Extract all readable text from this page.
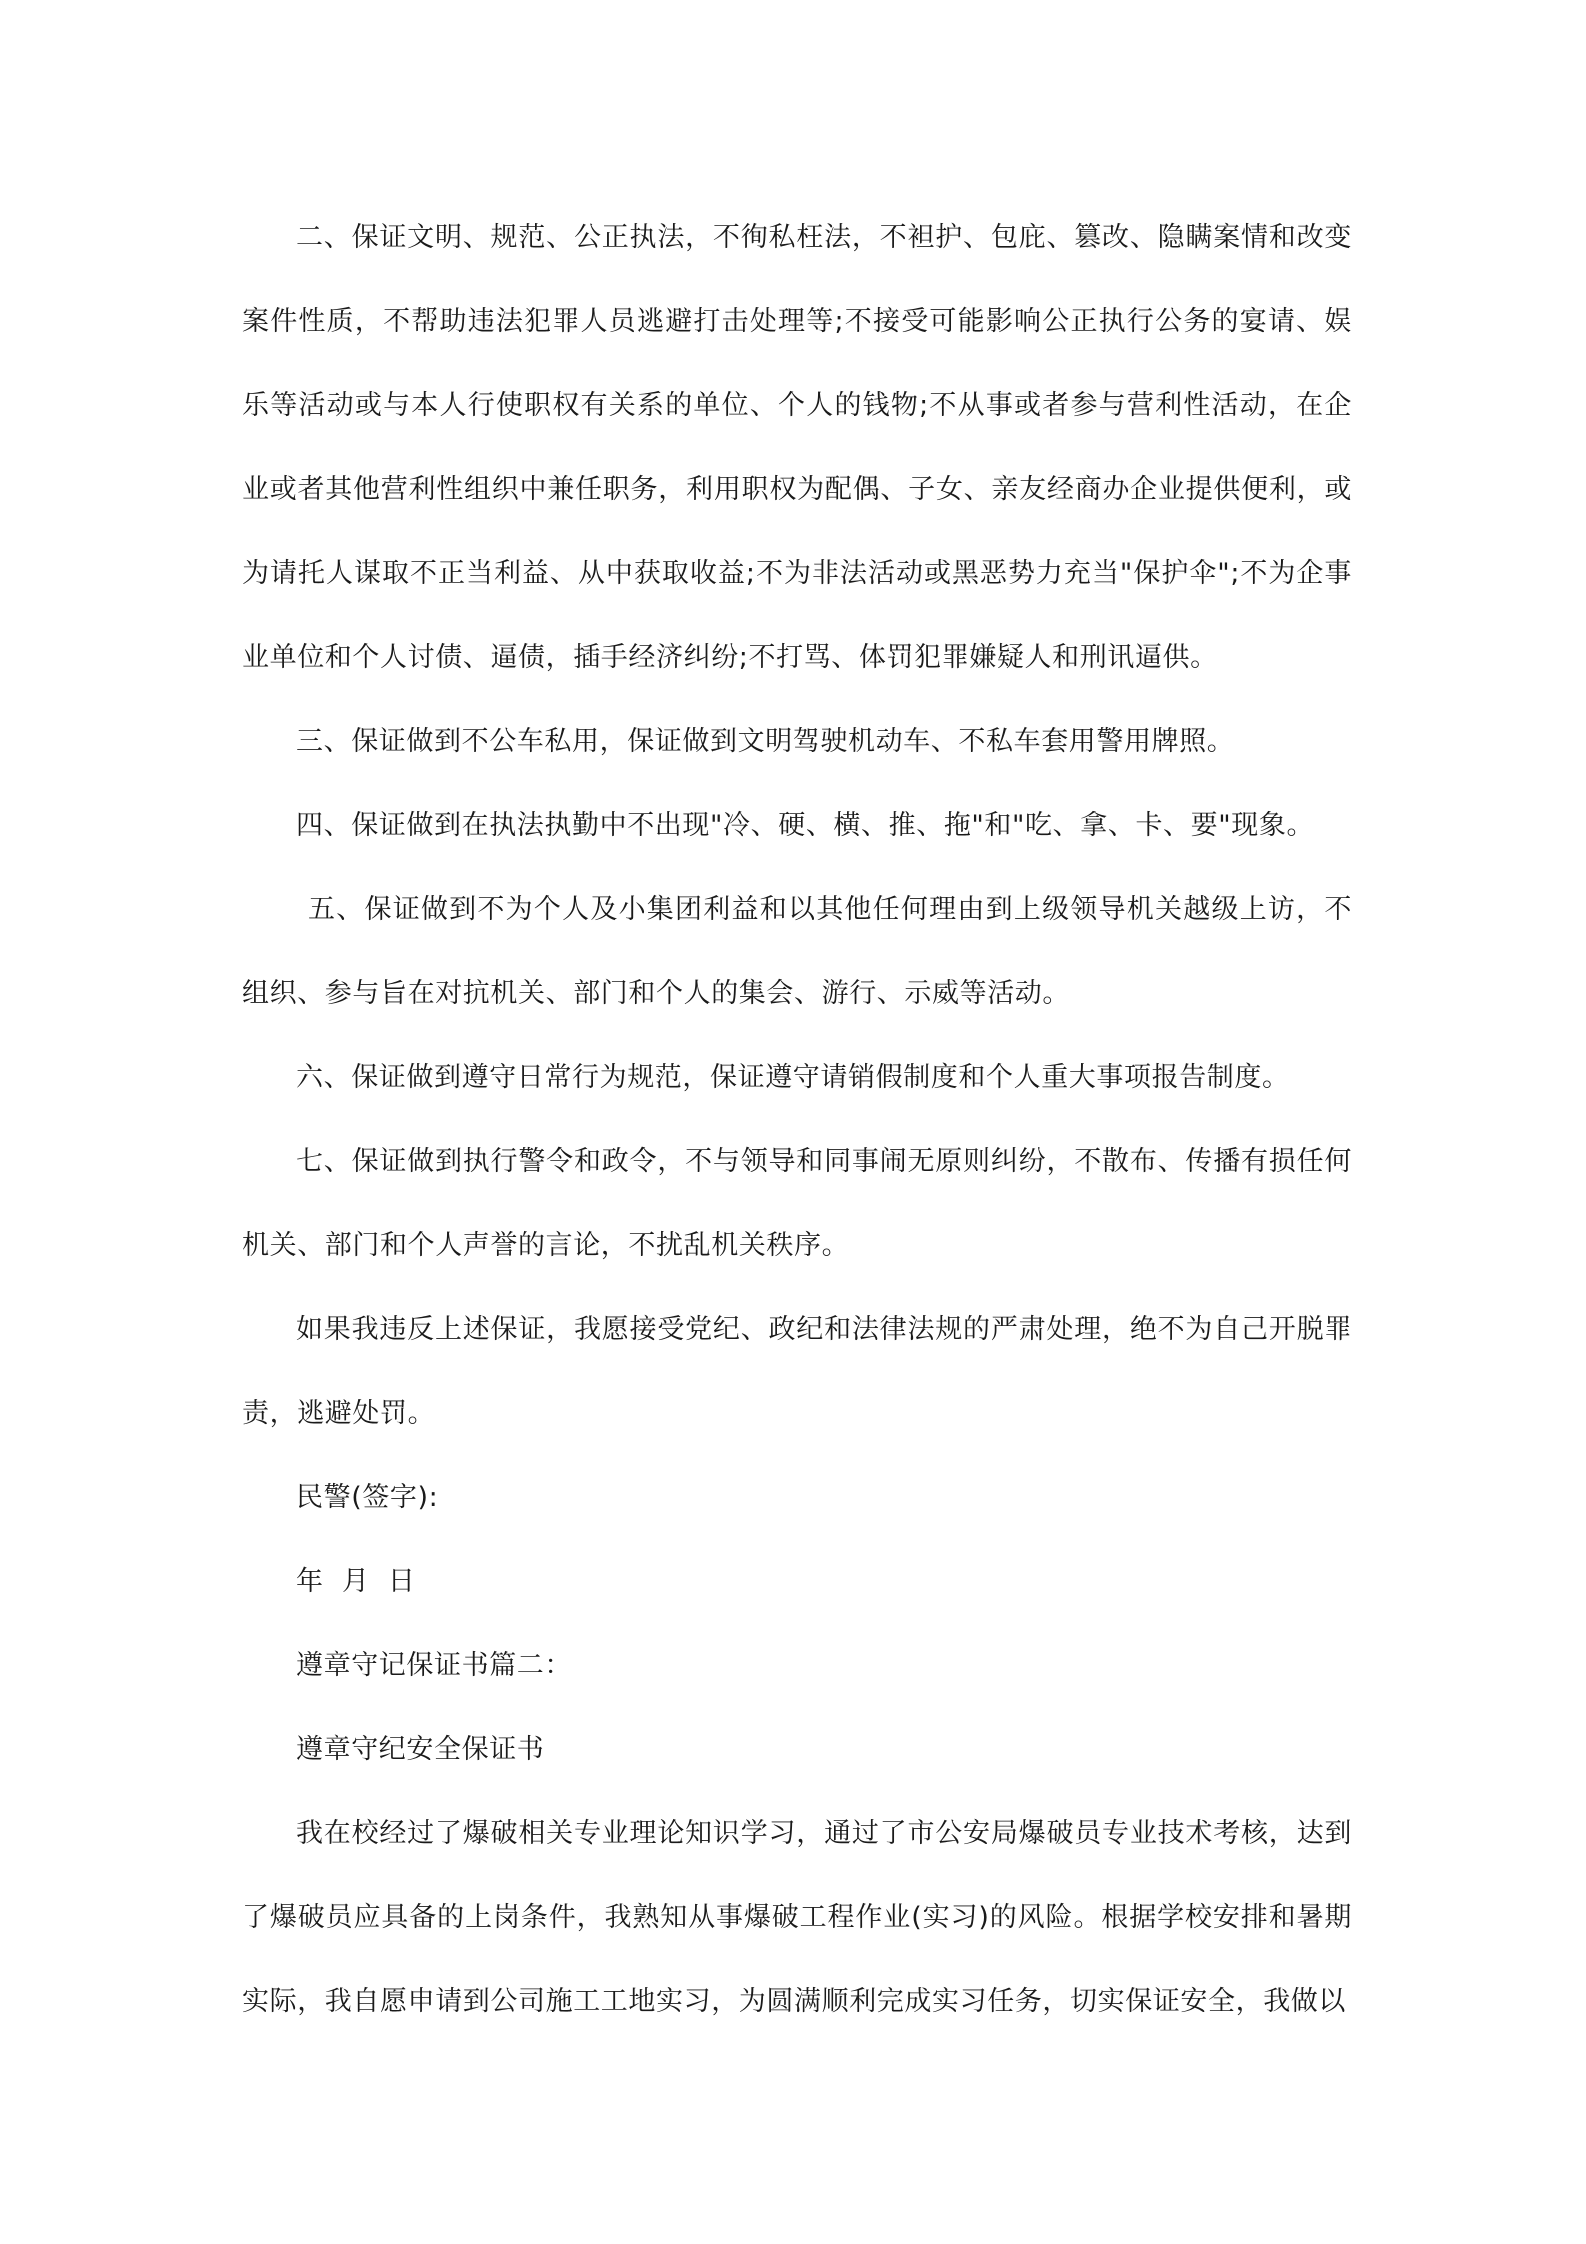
二、保证文明、规范、公正执法，不徇私枉法，不袒护、包庇、篡改、隐瞒案情和改变案件性质，不帮助违法犯罪人员逃避打击处理等;不接受可能影响公正执行公务的宴请、娱乐等活动或与本人行使职权有关系的单位、个人的钱物;不从事或者参与营利性活动，在企业或者其他营利性组织中兼任职务，利用职权为配偶、子女、亲友经商办企业提供便利，或为请托人谋取不正当利益、从中获取收益;不为非法活动或黑恶势力充当"保护伞";不为企事业单位和个人讨债、逼债，插手经济纠纷;不打骂、体罚犯罪嫌疑人和刑讯逼供。

三、保证做到不公车私用，保证做到文明驾驶机动车、不私车套用警用牌照。

四、保证做到在执法执勤中不出现"冷、硬、横、推、拖"和"吃、拿、卡、要"现象。

五、保证做到不为个人及小集团利益和以其他任何理由到上级领导机关越级上访，不组织、参与旨在对抗机关、部门和个人的集会、游行、示威等活动。

六、保证做到遵守日常行为规范，保证遵守请销假制度和个人重大事项报告制度。

七、保证做到执行警令和政令，不与领导和同事闹无原则纠纷，不散布、传播有损任何机关、部门和个人声誉的言论，不扰乱机关秩序。

如果我违反上述保证，我愿接受党纪、政纪和法律法规的严肃处理，绝不为自己开脱罪责，逃避处罚。

民警(签字):

年  月  日

遵章守记保证书篇二：

遵章守纪安全保证书

我在校经过了爆破相关专业理论知识学习，通过了市公安局爆破员专业技术考核，达到了爆破员应具备的上岗条件，我熟知从事爆破工程作业(实习)的风险。根据学校安排和暑期实际，我自愿申请到公司施工工地实习，为圆满顺利完成实习任务，切实保证安全，我做以
